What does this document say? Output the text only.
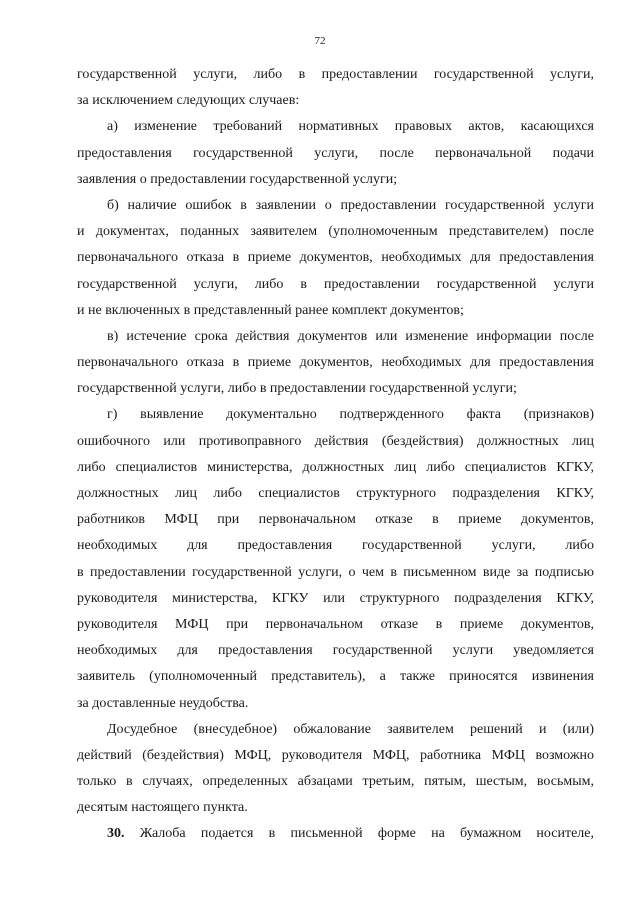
72
государственной услуги, либо в предоставлении государственной услуги,
за исключением следующих случаев:
а) изменение требований нормативных правовых актов, касающихся
предоставления государственной услуги, после первоначальной подачи
заявления о предоставлении государственной услуги;
б) наличие ошибок в заявлении о предоставлении государственной услуги
и документах, поданных заявителем (уполномоченным представителем) после
первоначального отказа в приеме документов, необходимых для предоставления
государственной услуги, либо в предоставлении государственной услуги
и не включенных в представленный ранее комплект документов;
в) истечение срока действия документов или изменение информации после
первоначального отказа в приеме документов, необходимых для предоставления
государственной услуги, либо в предоставлении государственной услуги;
г) выявление документально подтвержденного факта (признаков)
ошибочного или противоправного действия (бездействия) должностных лиц
либо специалистов министерства, должностных лиц либо специалистов КГКУ,
должностных лиц либо специалистов структурного подразделения КГКУ,
работников МФЦ при первоначальном отказе в приеме документов,
необходимых для предоставления государственной услуги, либо
в предоставлении государственной услуги, о чем в письменном виде за подписью
руководителя министерства, КГКУ или структурного подразделения КГКУ,
руководителя МФЦ при первоначальном отказе в приеме документов,
необходимых для предоставления государственной услуги уведомляется
заявитель (уполномоченный представитель), а также приносятся извинения
за доставленные неудобства.
Досудебное (внесудебное) обжалование заявителем решений и (или)
действий (бездействия) МФЦ, руководителя МФЦ, работника МФЦ возможно
только в случаях, определенных абзацами третьим, пятым, шестым, восьмым,
десятым настоящего пункта.
30. Жалоба подается в письменной форме на бумажном носителе,
